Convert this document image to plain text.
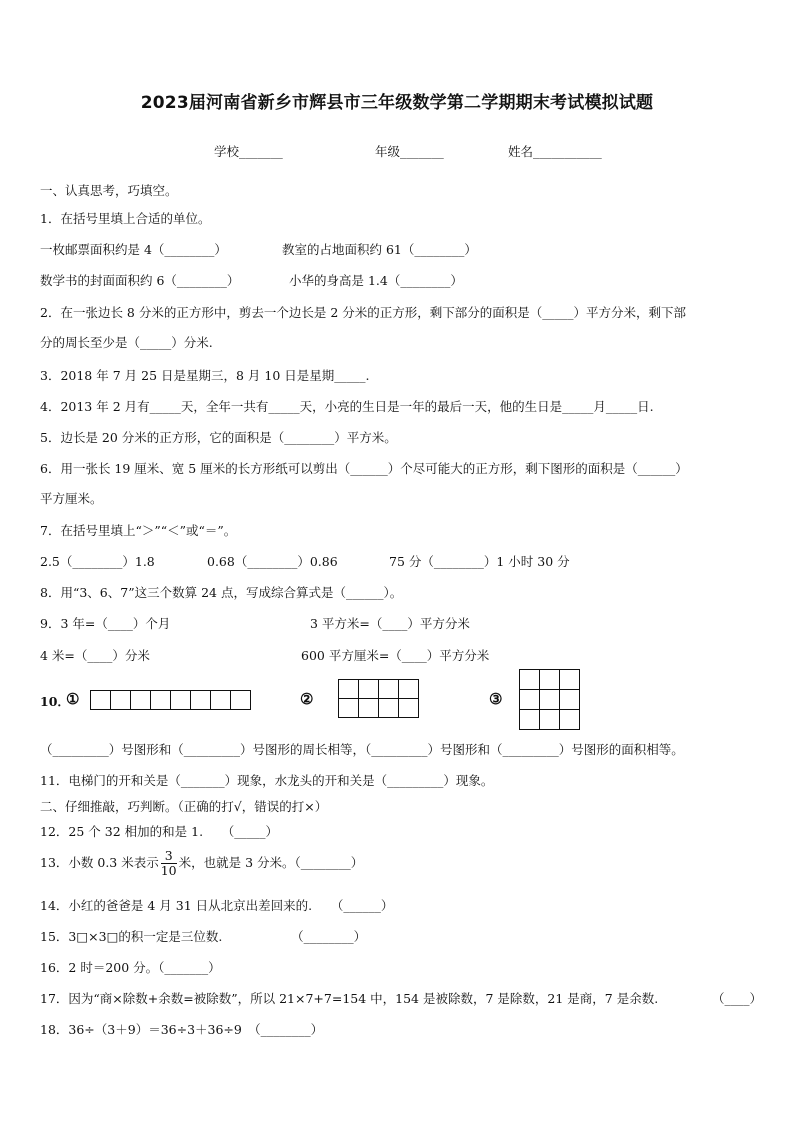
2023届河南省新乡市辉县市三年级数学第二学期期末考试模拟试题
学校_______	年级_______	姓名___________
一、认真思考，巧填空。
1．在括号里填上合适的单位。
一枚邮票面积约是 4（________）	教室的占地面积约 61（________）
数学书的封面面积约 6（________）	小华的身高是 1.4（________）
2．在一张边长 8 分米的正方形中，剪去一个边长是 2 分米的正方形，剩下部分的面积是（_____）平方分米，剩下部
分的周长至少是（_____）分米.
3．2018 年 7 月 25 日是星期三，8 月 10 日是星期_____.
4．2013 年 2 月有_____天，全年一共有_____天，小亮的生日是一年的最后一天，他的生日是_____月_____日.
5．边长是 20 分米的正方形，它的面积是（________）平方米。
6．用一张长 19 厘米、宽 5 厘米的长方形纸可以剪出（______）个尽可能大的正方形，剩下图形的面积是（______）
平方厘米。
7．在括号里填上“＞”“＜”或“＝”。
2.5（________）1.8	0.68（________）0.86	75 分（________）1 小时 30 分
8．用“3、6、7”这三个数算 24 点，写成综合算式是（______）。
9．3 年=（____）个月	3 平方米=（____）平方分米
4 米=（____）分米	600 平方厘米=（____）平方分米
10．
①	②	③
（_________）号图形和（_________）号图形的周长相等，（_________）号图形和（_________）号图形的面积相等。
11．电梯门的开和关是（_______）现象，水龙头的开和关是（_________）现象。
二、仔细推敲，巧判断。（正确的打√，错误的打×）
12．25 个 32 相加的和是 1.　　（_____）
13．小数 0.3 米表示 $\frac{3}{10}$ 米，也就是 3 分米。（________）
14．小红的爸爸是 4 月 31 日从北京出差回来的.　　（______）
15．3□×3□的积一定是三位数.　　　　　　（________）
16．2 时＝200 分。（_______）
17．因为“商×除数+余数=被除数”，所以 21×7+7=154 中，154 是被除数，7 是除数，21 是商，7 是余数.	（____）
18．36÷（3＋9）＝36÷3＋36÷9　（________）
